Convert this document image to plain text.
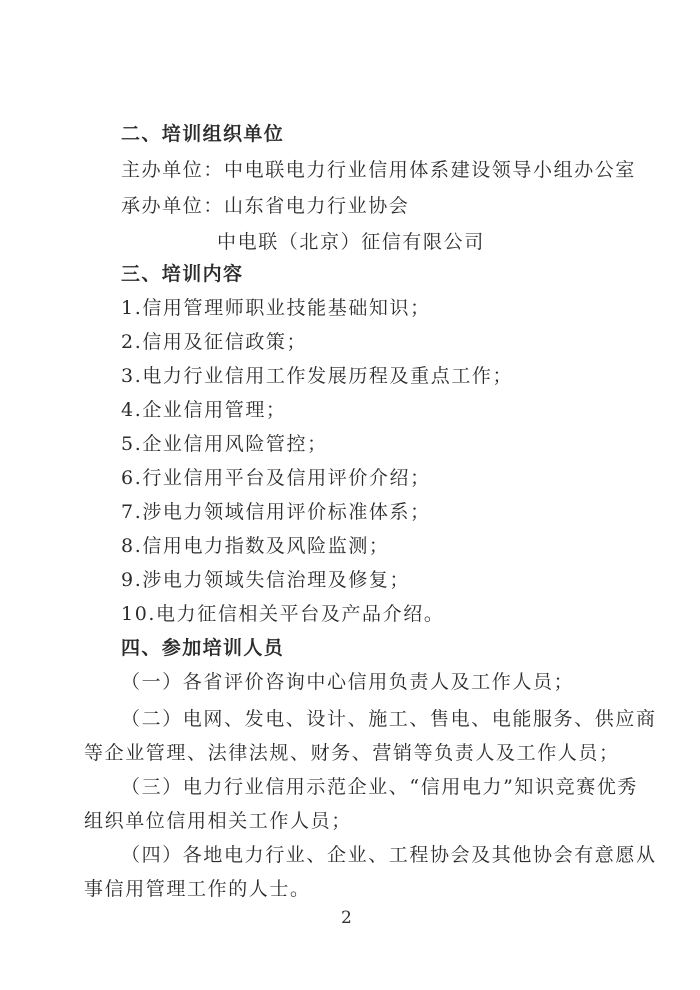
二、培训组织单位
主办单位：中电联电力行业信用体系建设领导小组办公室
承办单位：山东省电力行业协会
中电联（北京）征信有限公司
三、培训内容
1.信用管理师职业技能基础知识；
2.信用及征信政策；
3.电力行业信用工作发展历程及重点工作；
4.企业信用管理；
5.企业信用风险管控；
6.行业信用平台及信用评价介绍；
7.涉电力领域信用评价标准体系；
8.信用电力指数及风险监测；
9.涉电力领域失信治理及修复；
10.电力征信相关平台及产品介绍。
四、参加培训人员
（一）各省评价咨询中心信用负责人及工作人员；
（二）电网、发电、设计、施工、售电、电能服务、供应商
等企业管理、法律法规、财务、营销等负责人及工作人员；
（三）电力行业信用示范企业、“信用电力”知识竞赛优秀
组织单位信用相关工作人员；
（四）各地电力行业、企业、工程协会及其他协会有意愿从
事信用管理工作的人士。
2
